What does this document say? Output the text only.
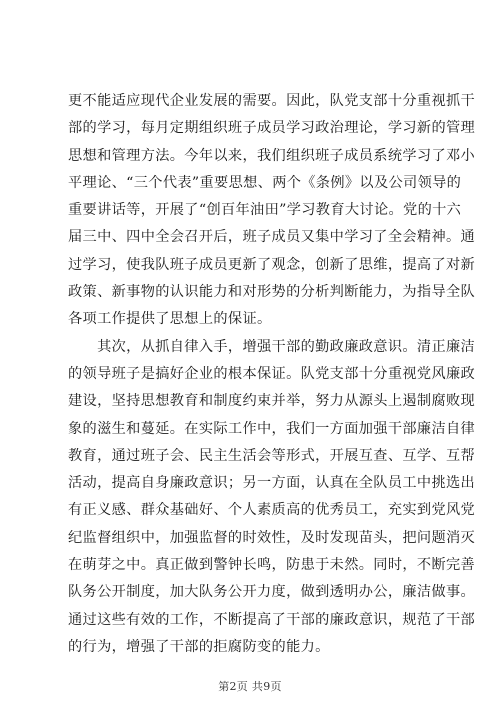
更不能适应现代企业发展的需要。因此，队党支部十分重视抓干
部的学习，每月定期组织班子成员学习政治理论，学习新的管理
思想和管理方法。今年以来，我们组织班子成员系统学习了邓小
平理论、“三个代表”重要思想、两个《条例》以及公司领导的
重要讲话等，开展了“创百年油田”学习教育大讨论。党的十六
届三中、四中全会召开后，班子成员又集中学习了全会精神。通
过学习，使我队班子成员更新了观念，创新了思维，提高了对新
政策、新事物的认识能力和对形势的分析判断能力，为指导全队
各项工作提供了思想上的保证。
　　其次，从抓自律入手，增强干部的勤政廉政意识。清正廉洁
的领导班子是搞好企业的根本保证。队党支部十分重视党风廉政
建设，坚持思想教育和制度约束并举，努力从源头上遏制腐败现
象的滋生和蔓延。在实际工作中，我们一方面加强干部廉洁自律
教育，通过班子会、民主生活会等形式，开展互查、互学、互帮
活动，提高自身廉政意识；另一方面，认真在全队员工中挑选出
有正义感、群众基础好、个人素质高的优秀员工，充实到党风党
纪监督组织中，加强监督的时效性，及时发现苗头，把问题消灭
在萌芽之中。真正做到警钟长鸣，防患于未然。同时，不断完善
队务公开制度，加大队务公开力度，做到透明办公，廉洁做事。
通过这些有效的工作，不断提高了干部的廉政意识，规范了干部
的行为，增强了干部的拒腐防变的能力。
第2页 共9页
